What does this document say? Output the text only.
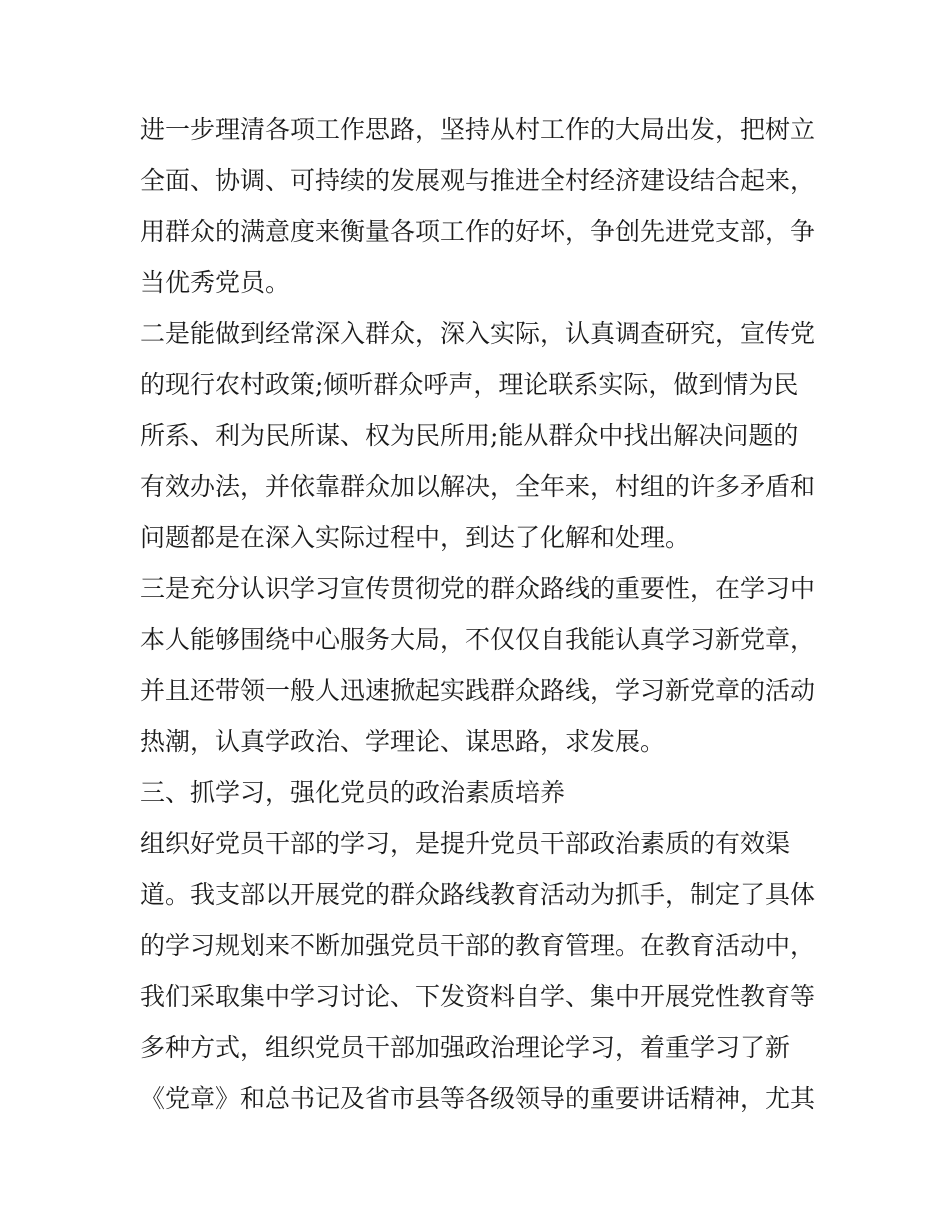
进一步理清各项工作思路，坚持从村工作的大局出发，把树立
全面、协调、可持续的发展观与推进全村经济建设结合起来，
用群众的满意度来衡量各项工作的好坏，争创先进党支部，争
当优秀党员。
二是能做到经常深入群众，深入实际，认真调查研究，宣传党
的现行农村政策;倾听群众呼声，理论联系实际，做到情为民
所系、利为民所谋、权为民所用;能从群众中找出解决问题的
有效办法，并依靠群众加以解决，全年来，村组的许多矛盾和
问题都是在深入实际过程中，到达了化解和处理。
三是充分认识学习宣传贯彻党的群众路线的重要性，在学习中
本人能够围绕中心服务大局，不仅仅自我能认真学习新党章，
并且还带领一般人迅速掀起实践群众路线，学习新党章的活动
热潮，认真学政治、学理论、谋思路，求发展。
三、抓学习，强化党员的政治素质培养
组织好党员干部的学习，是提升党员干部政治素质的有效渠
道。我支部以开展党的群众路线教育活动为抓手，制定了具体
的学习规划来不断加强党员干部的教育管理。在教育活动中，
我们采取集中学习讨论、下发资料自学、集中开展党性教育等
多种方式，组织党员干部加强政治理论学习，着重学习了新
《党章》和总书记及省市县等各级领导的重要讲话精神，尤其
